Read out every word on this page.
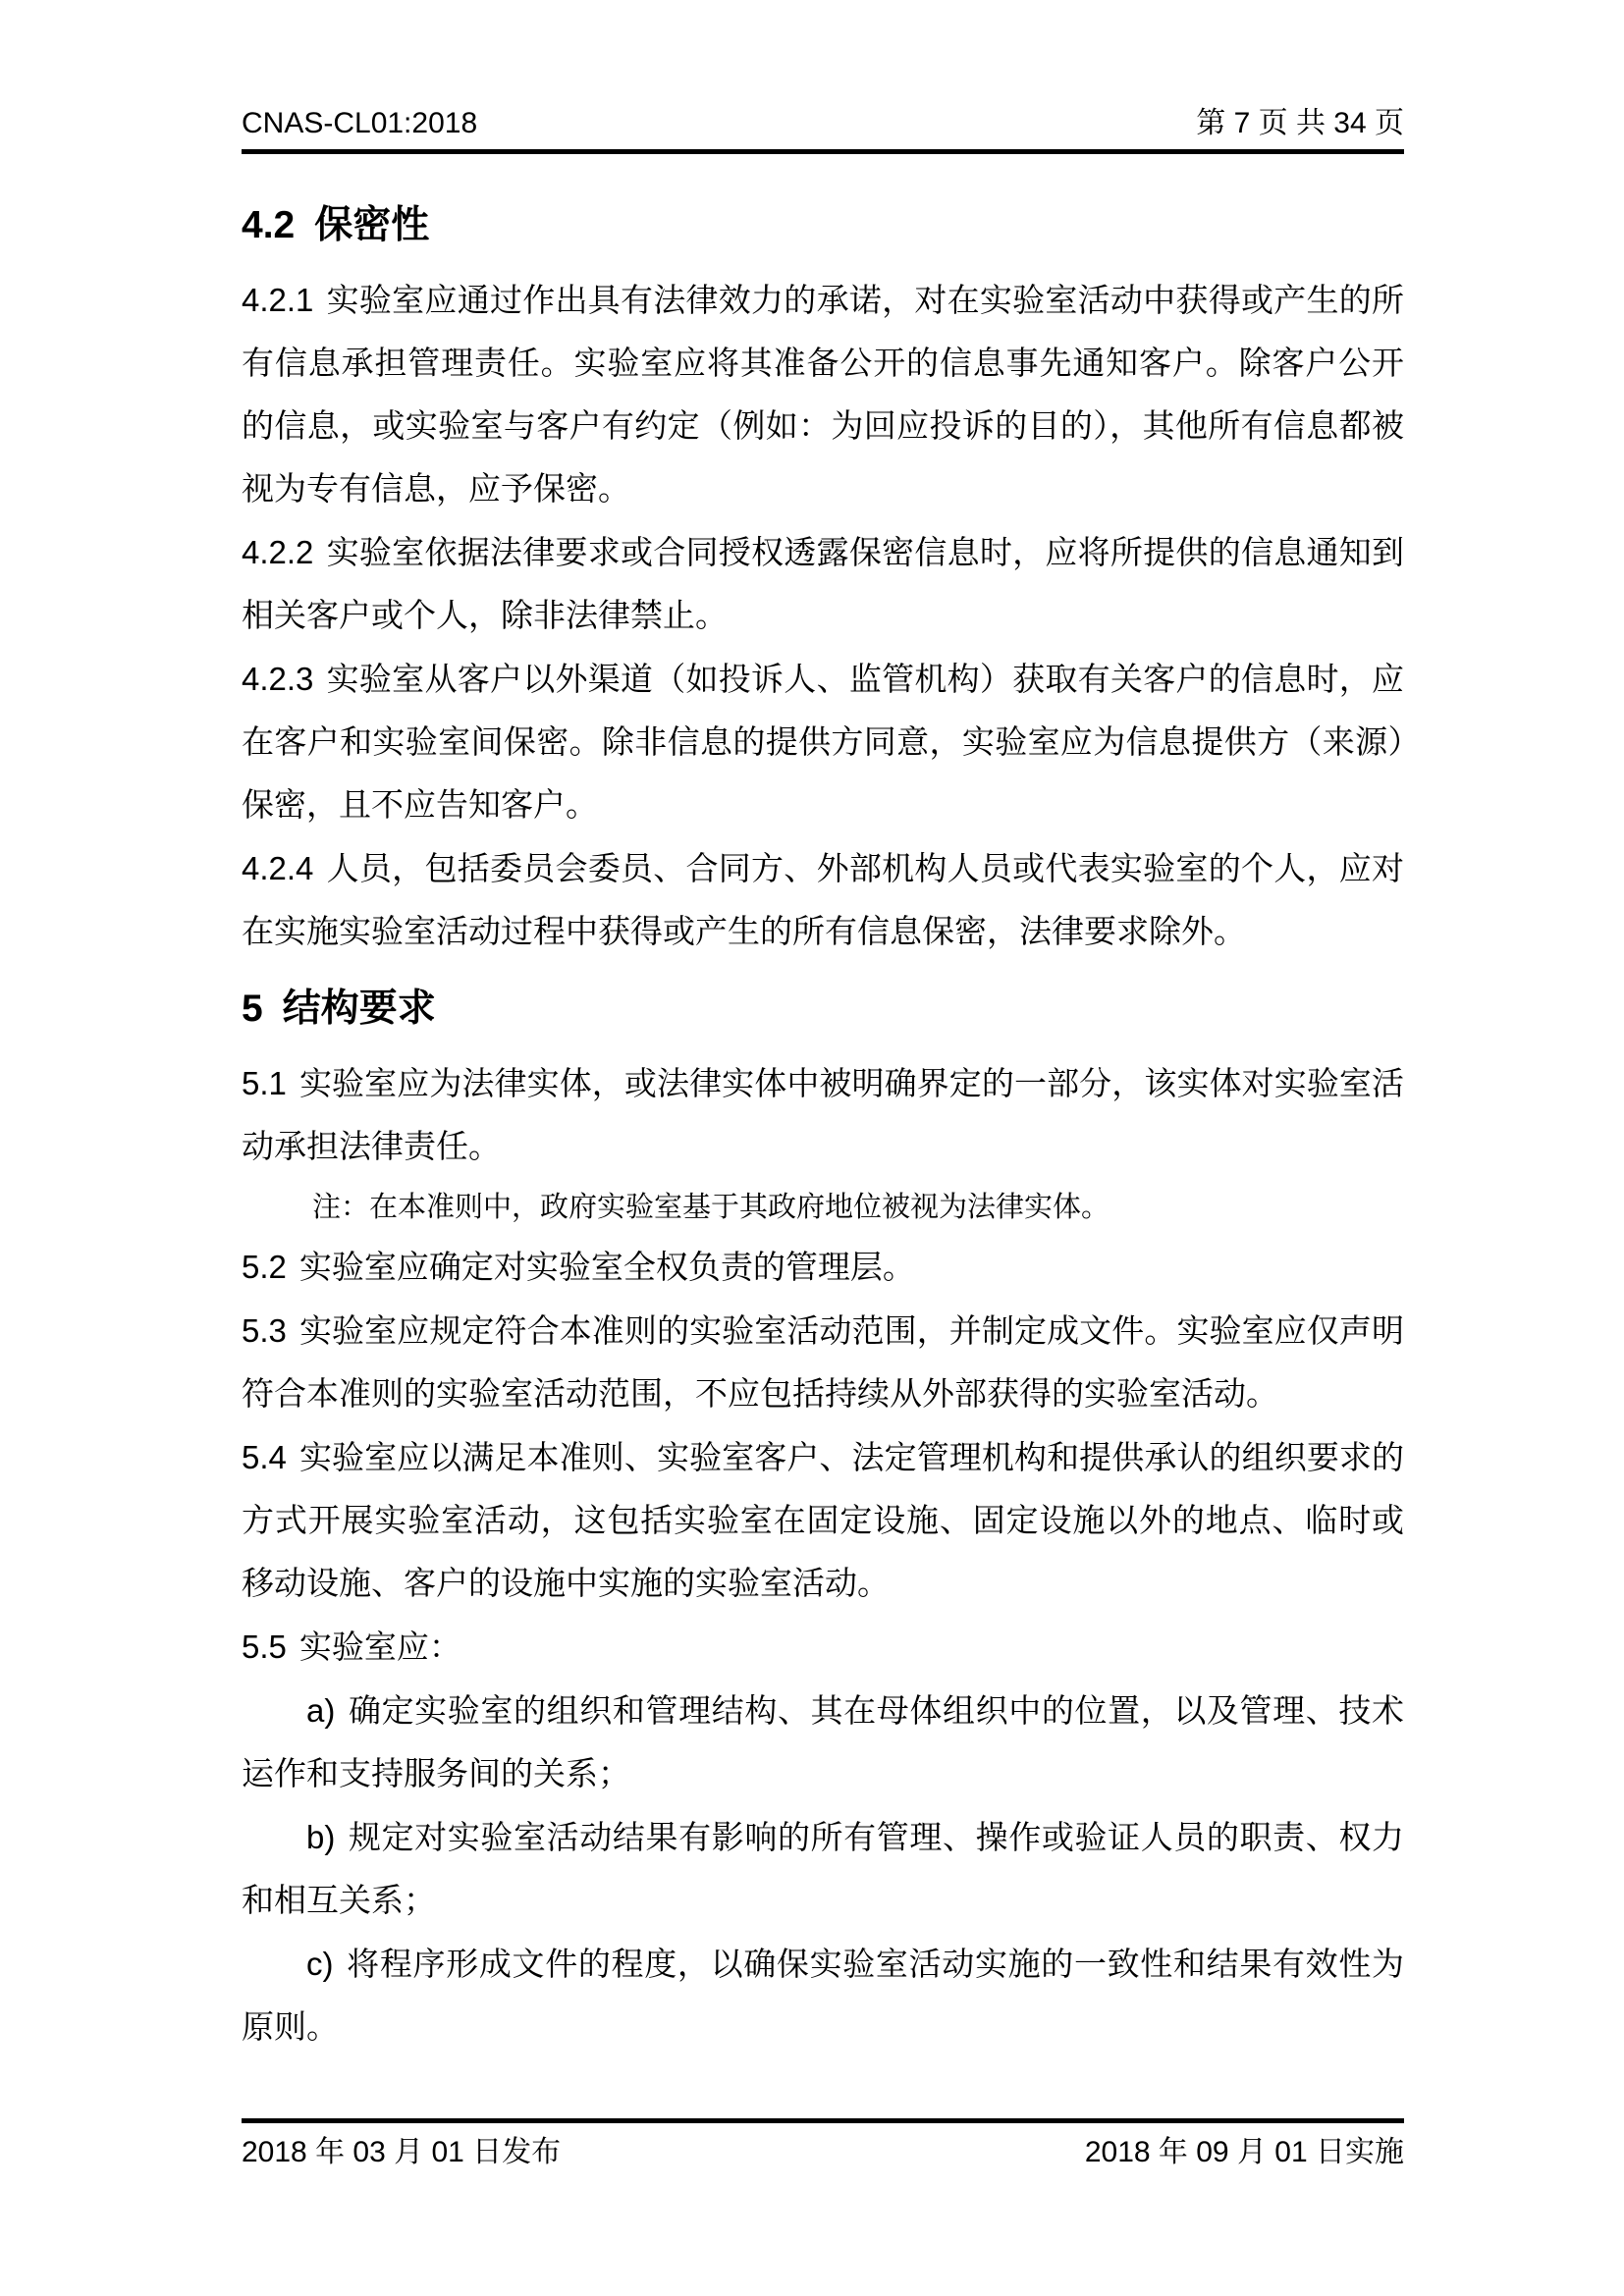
CNAS-CL01:2018	第 7 页 共 34 页
4.2 保密性

4.2.1 实验室应通过作出具有法律效力的承诺，对在实验室活动中获得或产生的所有信息承担管理责任。实验室应将其准备公开的信息事先通知客户。除客户公开的信息，或实验室与客户有约定（例如：为回应投诉的目的），其他所有信息都被视为专有信息，应予保密。

4.2.2 实验室依据法律要求或合同授权透露保密信息时，应将所提供的信息通知到相关客户或个人，除非法律禁止。

4.2.3 实验室从客户以外渠道（如投诉人、监管机构）获取有关客户的信息时，应在客户和实验室间保密。除非信息的提供方同意，实验室应为信息提供方（来源）保密，且不应告知客户。

4.2.4 人员，包括委员会委员、合同方、外部机构人员或代表实验室的个人，应对在实施实验室活动过程中获得或产生的所有信息保密，法律要求除外。

5 结构要求

5.1 实验室应为法律实体，或法律实体中被明确界定的一部分，该实体对实验室活动承担法律责任。

注：在本准则中，政府实验室基于其政府地位被视为法律实体。

5.2 实验室应确定对实验室全权负责的管理层。

5.3 实验室应规定符合本准则的实验室活动范围，并制定成文件。实验室应仅声明符合本准则的实验室活动范围，不应包括持续从外部获得的实验室活动。

5.4 实验室应以满足本准则、实验室客户、法定管理机构和提供承认的组织要求的方式开展实验室活动，这包括实验室在固定设施、固定设施以外的地点、临时或移动设施、客户的设施中实施的实验室活动。

5.5 实验室应：

a) 确定实验室的组织和管理结构、其在母体组织中的位置，以及管理、技术运作和支持服务间的关系；

b) 规定对实验室活动结果有影响的所有管理、操作或验证人员的职责、权力和相互关系；

c) 将程序形成文件的程度，以确保实验室活动实施的一致性和结果有效性为原则。

2018 年 03 月 01 日发布	2018 年 09 月 01 日实施
